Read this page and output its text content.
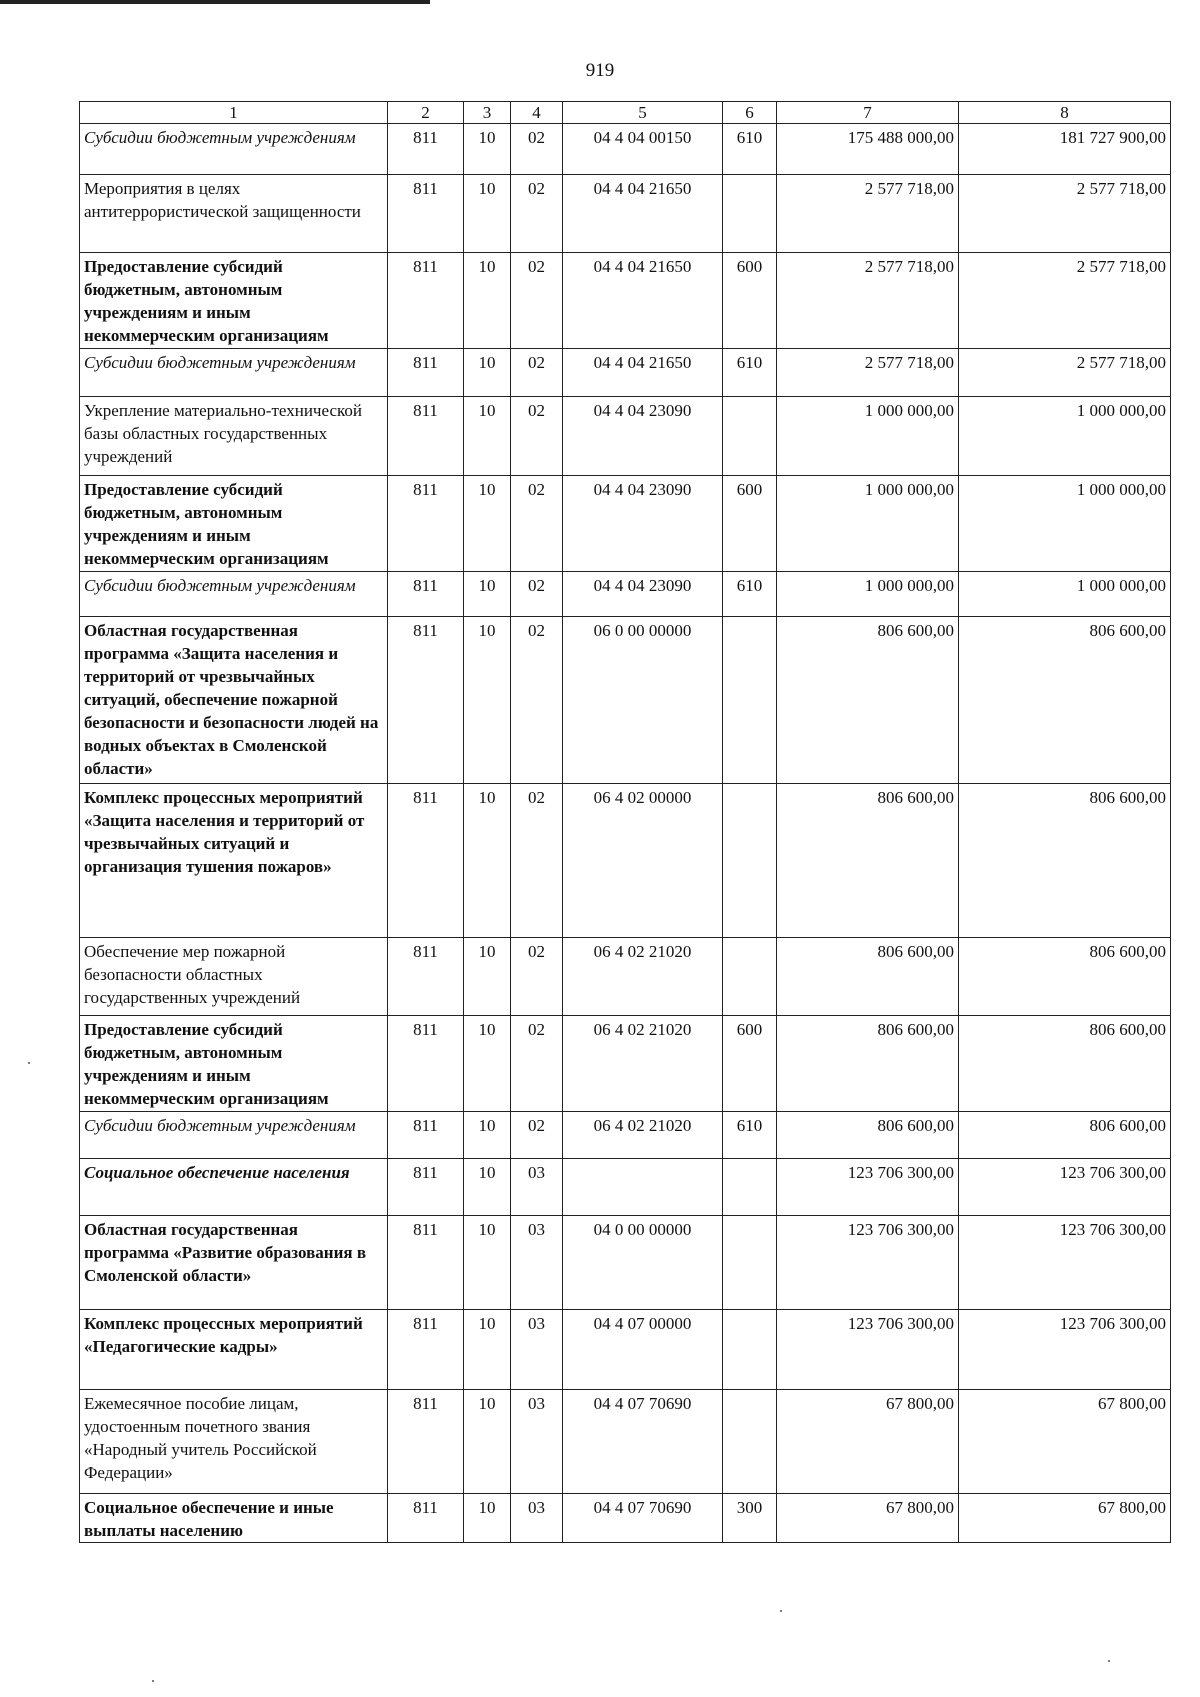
919
1	2	3	4	5	6	7	8
Субсидии бюджетным учреждениям	811	10	02	04 4 04 00150	610	175 488 000,00	181 727 900,00
Мероприятия в целях антитеррористической защищенности	811	10	02	04 4 04 21650		2 577 718,00	2 577 718,00
Предоставление субсидий бюджетным, автономным учреждениям и иным некоммерческим организациям	811	10	02	04 4 04 21650	600	2 577 718,00	2 577 718,00
Субсидии бюджетным учреждениям	811	10	02	04 4 04 21650	610	2 577 718,00	2 577 718,00
Укрепление материально-технической базы областных государственных учреждений	811	10	02	04 4 04 23090		1 000 000,00	1 000 000,00
Предоставление субсидий бюджетным, автономным учреждениям и иным некоммерческим организациям	811	10	02	04 4 04 23090	600	1 000 000,00	1 000 000,00
Субсидии бюджетным учреждениям	811	10	02	04 4 04 23090	610	1 000 000,00	1 000 000,00
Областная государственная программа «Защита населения и территорий от чрезвычайных ситуаций, обеспечение пожарной безопасности и безопасности людей на водных объектах в Смоленской области»	811	10	02	06 0 00 00000		806 600,00	806 600,00
Комплекс процессных мероприятий «Защита населения и территорий от чрезвычайных ситуаций и организация тушения пожаров»	811	10	02	06 4 02 00000		806 600,00	806 600,00
Обеспечение мер пожарной безопасности областных государственных учреждений	811	10	02	06 4 02 21020		806 600,00	806 600,00
Предоставление субсидий бюджетным, автономным учреждениям и иным некоммерческим организациям	811	10	02	06 4 02 21020	600	806 600,00	806 600,00
Субсидии бюджетным учреждениям	811	10	02	06 4 02 21020	610	806 600,00	806 600,00
Социальное обеспечение населения	811	10	03			123 706 300,00	123 706 300,00
Областная государственная программа «Развитие образования в Смоленской области»	811	10	03	04 0 00 00000		123 706 300,00	123 706 300,00
Комплекс процессных мероприятий «Педагогические кадры»	811	10	03	04 4 07 00000		123 706 300,00	123 706 300,00
Ежемесячное пособие лицам, удостоенным почетного звания «Народный учитель Российской Федерации»	811	10	03	04 4 07 70690		67 800,00	67 800,00
Социальное обеспечение и иные выплаты населению	811	10	03	04 4 07 70690	300	67 800,00	67 800,00
